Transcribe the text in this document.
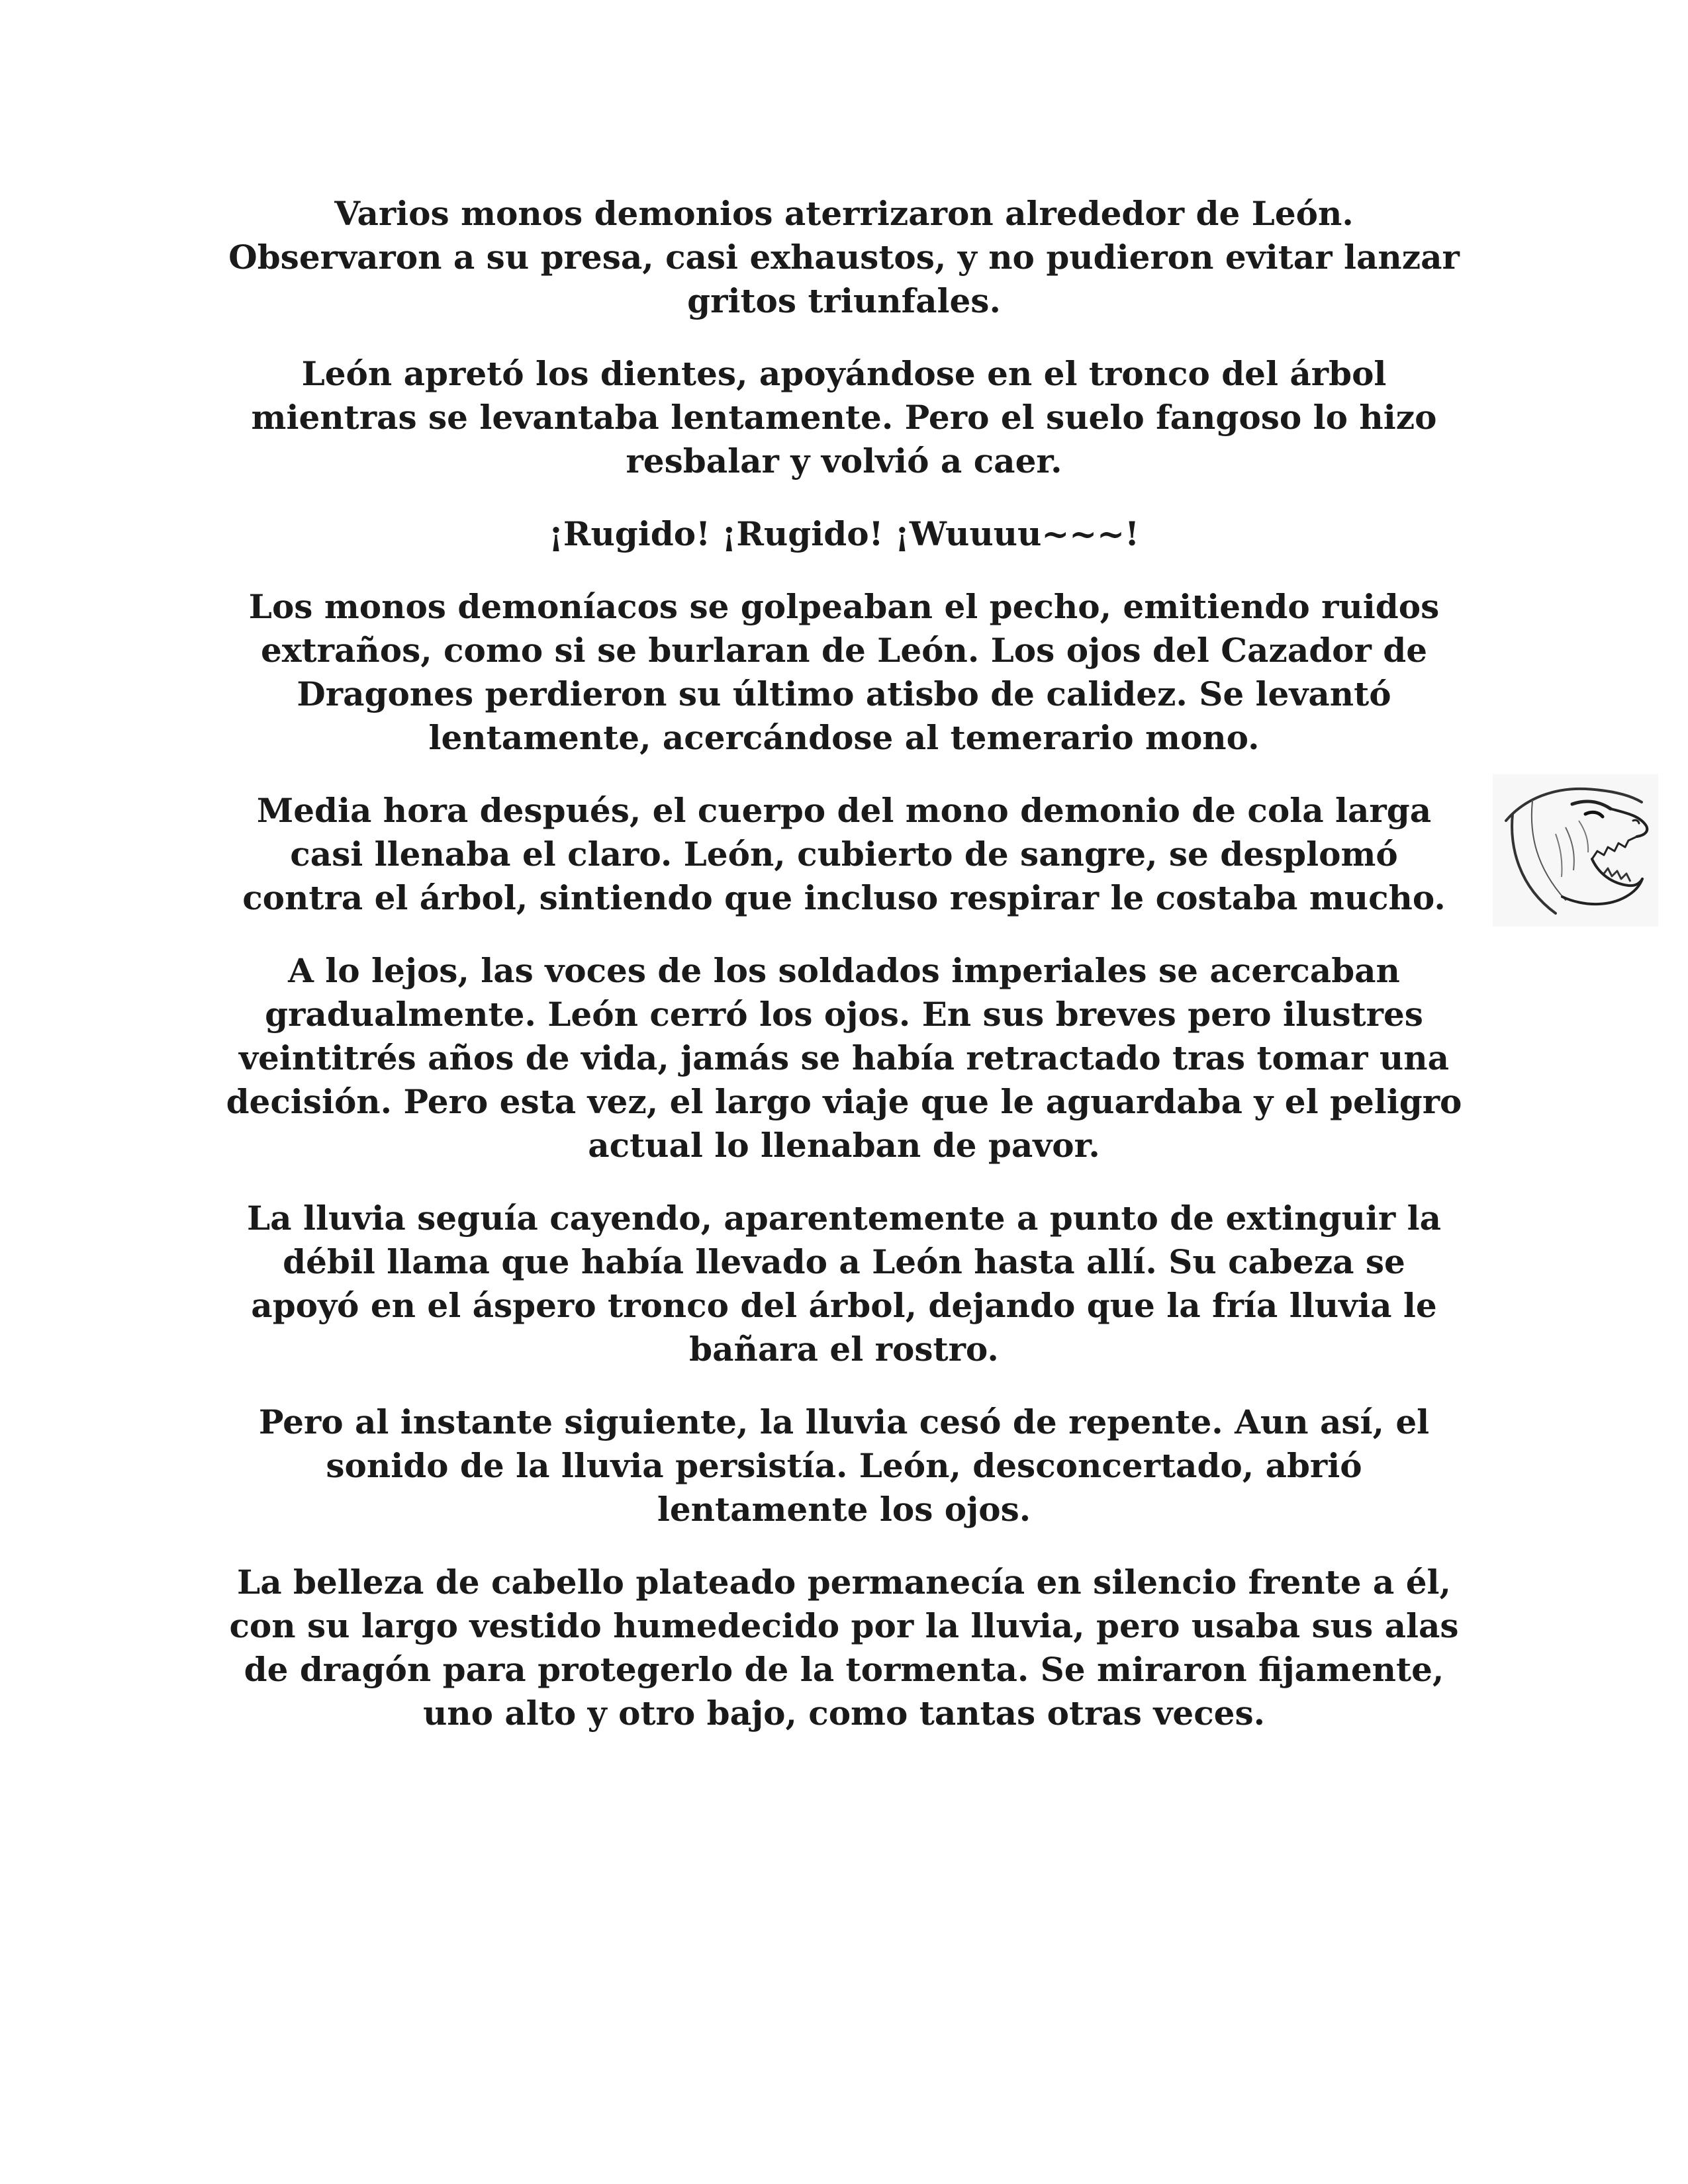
Varios monos demonios aterrizaron alrededor de León. Observaron a su presa, casi exhaustos, y no pudieron evitar lanzar gritos triunfales.

León apretó los dientes, apoyándose en el tronco del árbol mientras se levantaba lentamente. Pero el suelo fangoso lo hizo resbalar y volvió a caer.

¡Rugido! ¡Rugido! ¡Wuuuu~~~!

Los monos demoníacos se golpeaban el pecho, emitiendo ruidos extraños, como si se burlaran de León. Los ojos del Cazador de Dragones perdieron su último atisbo de calidez. Se levantó lentamente, acercándose al temerario mono.

Media hora después, el cuerpo del mono demonio de cola larga casi llenaba el claro. León, cubierto de sangre, se desplomó contra el árbol, sintiendo que incluso respirar le costaba mucho.

A lo lejos, las voces de los soldados imperiales se acercaban gradualmente. León cerró los ojos. En sus breves pero ilustres veintitrés años de vida, jamás se había retractado tras tomar una decisión. Pero esta vez, el largo viaje que le aguardaba y el peligro actual lo llenaban de pavor.

La lluvia seguía cayendo, aparentemente a punto de extinguir la débil llama que había llevado a León hasta allí. Su cabeza se apoyó en el áspero tronco del árbol, dejando que la fría lluvia le bañara el rostro.

Pero al instante siguiente, la lluvia cesó de repente. Aun así, el sonido de la lluvia persistía. León, desconcertado, abrió lentamente los ojos.

La belleza de cabello plateado permanecía en silencio frente a él, con su largo vestido humedecido por la lluvia, pero usaba sus alas de dragón para protegerlo de la tormenta. Se miraron fijamente, uno alto y otro bajo, como tantas otras veces.
